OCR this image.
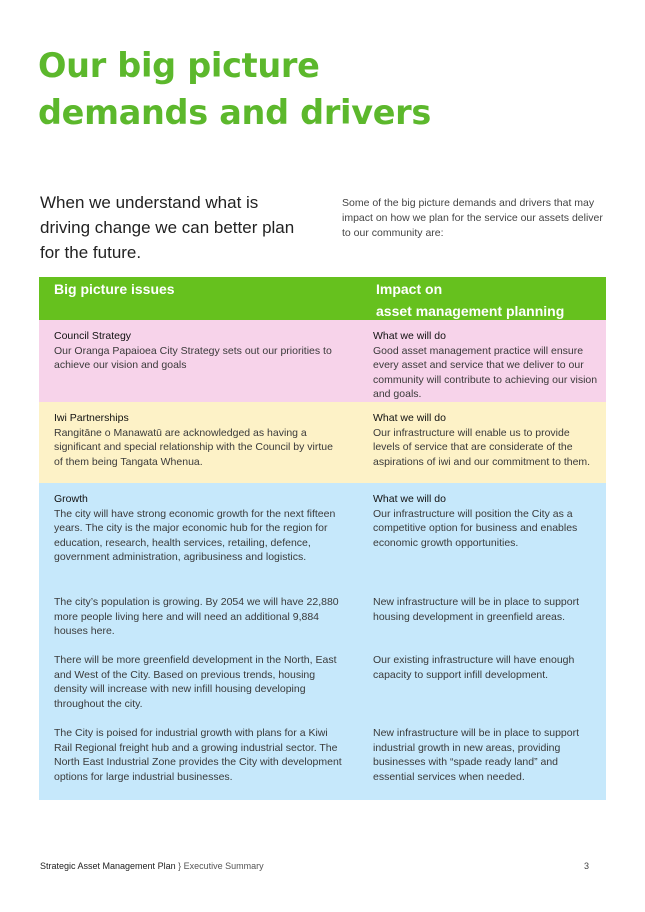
Our big picture
demands and drivers

When we understand what is driving change we can better plan for the future.

Some of the big picture demands and drivers that may impact on how we plan for the service our assets deliver to our community are:

Big picture issues	Impact on
asset management planning
Council Strategy
Our Oranga Papaioea City Strategy sets out our priorities to achieve our vision and goals
What we will do
Good asset management practice will ensure every asset and service that we deliver to our community will contribute to achieving our vision and goals.
Iwi Partnerships
Rangitāne o Manawatū are acknowledged as having a significant and special relationship with the Council by virtue of them being Tangata Whenua.
What we will do
Our infrastructure will enable us to provide levels of service that are considerate of the aspirations of iwi and our commitment to them.
Growth
The city will have strong economic growth for the next fifteen years. The city is the major economic hub for the region for education, research, health services, retailing, defence, government administration, agribusiness and logistics.
What we will do
Our infrastructure will position the City as a competitive option for business and enables economic growth opportunities.
The city’s population is growing. By 2054 we will have 22,880 more people living here and will need an additional 9,884 houses here.
New infrastructure will be in place to support housing development in greenfield areas.
There will be more greenfield development in the North, East and West of the City. Based on previous trends, housing density will increase with new infill housing developing throughout the city.
Our existing infrastructure will have enough capacity to support infill development.
The City is poised for industrial growth with plans for a Kiwi Rail Regional freight hub and a growing industrial sector. The North East Industrial Zone provides the City with development options for large industrial businesses.
New infrastructure will be in place to support industrial growth in new areas, providing businesses with “spade ready land” and essential services when needed.
Strategic Asset Management Plan } Executive Summary	3
